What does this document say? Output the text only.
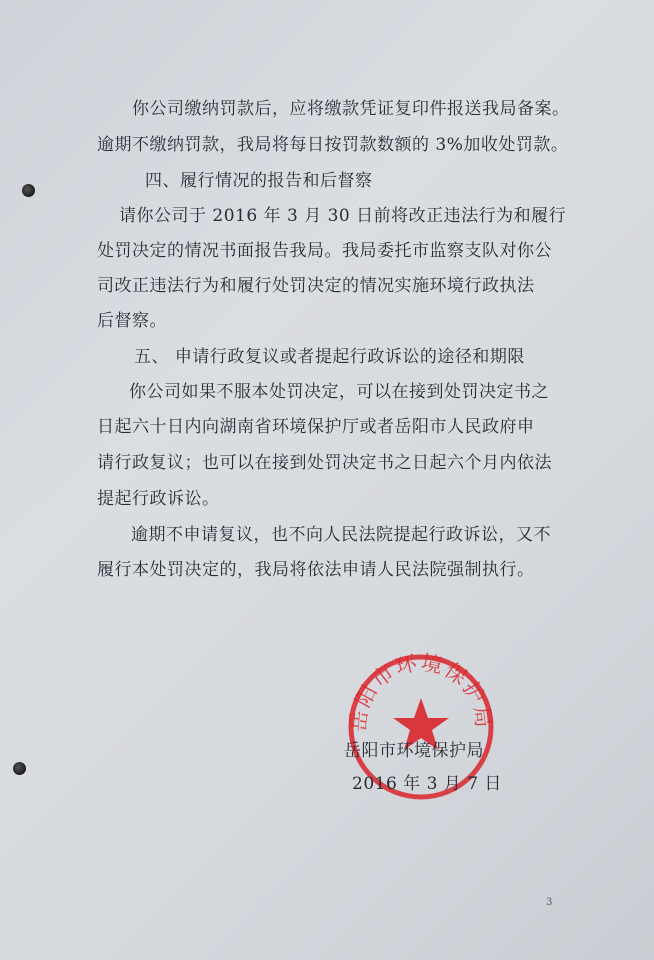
你公司缴纳罚款后，应将缴款凭证复印件报送我局备案。
逾期不缴纳罚款，我局将每日按罚款数额的 3%加收处罚款。
四、履行情况的报告和后督察
请你公司于 2016 年 3 月 30 日前将改正违法行为和履行
处罚决定的情况书面报告我局。我局委托市监察支队对你公
司改正违法行为和履行处罚决定的情况实施环境行政执法
后督察。
五、 申请行政复议或者提起行政诉讼的途径和期限
你公司如果不服本处罚决定，可以在接到处罚决定书之
日起六十日内向湖南省环境保护厅或者岳阳市人民政府申
请行政复议；也可以在接到处罚决定书之日起六个月内依法
提起行政诉讼。
逾期不申请复议，也不向人民法院提起行政诉讼，又不
履行本处罚决定的，我局将依法申请人民法院强制执行。
岳阳市环境保护局
岳阳市环境保护局
2016 年 3 月 7 日
3
